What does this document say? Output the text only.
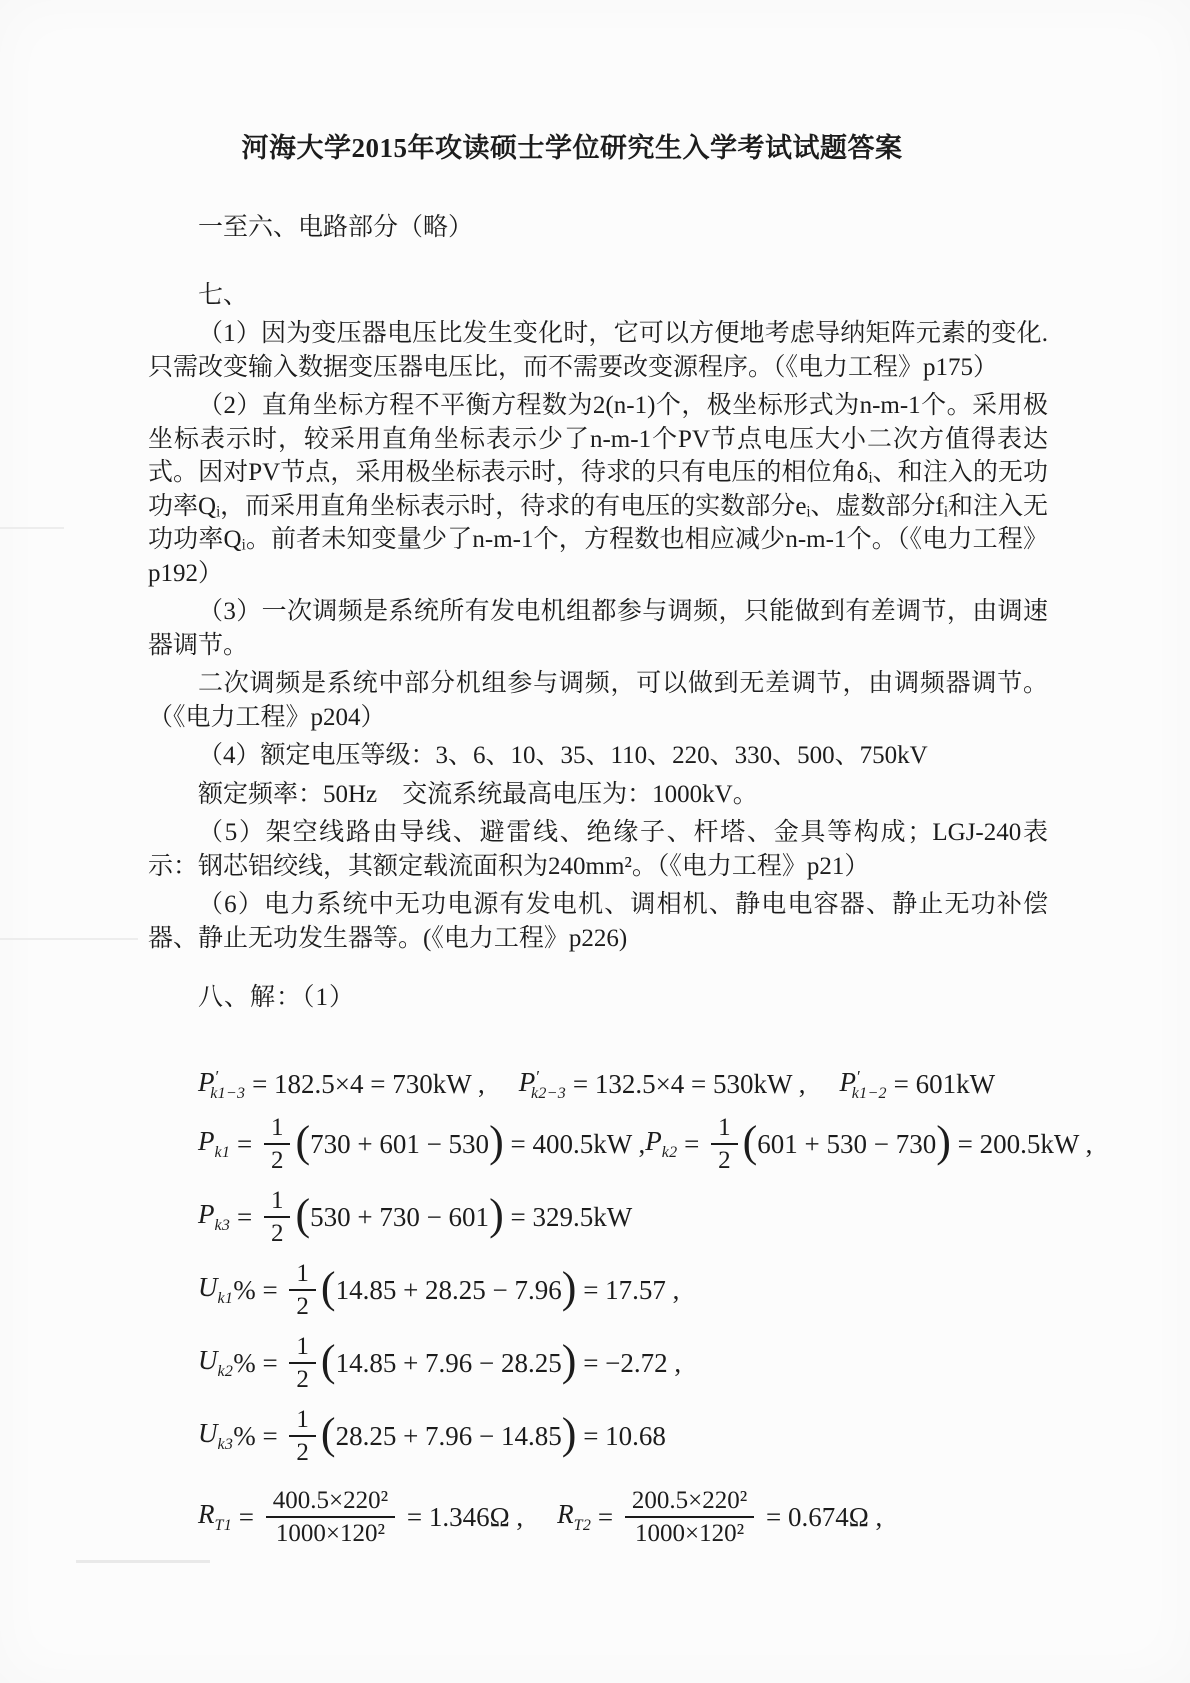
河海大学2015年攻读硕士学位研究生入学考试试题答案

一至六、电路部分（略）

七、

（1）因为变压器电压比发生变化时，它可以方便地考虑导纳矩阵元素的变化.只需改变输入数据变压器电压比，而不需要改变源程序。（《电力工程》p175）

（2）直角坐标方程不平衡方程数为2(n-1)个，极坐标形式为n-m-1个。采用极坐标表示时，较采用直角坐标表示少了n-m-1个PV节点电压大小二次方值得表达式。因对PV节点，采用极坐标表示时，待求的只有电压的相位角δᵢ、和注入的无功功率Qᵢ，而采用直角坐标表示时，待求的有电压的实数部分eᵢ、虚数部分fᵢ和注入无功功率Qᵢ。前者未知变量少了n-m-1个，方程数也相应减少n-m-1个。（《电力工程》p192）

（3）一次调频是系统所有发电机组都参与调频，只能做到有差调节，由调速器调节。

二次调频是系统中部分机组参与调频，可以做到无差调节，由调频器调节。（《电力工程》p204）

（4）额定电压等级：3、6、10、35、110、220、330、500、750kV

额定频率：50Hz　交流系统最高电压为：1000kV。

（5）架空线路由导线、避雷线、绝缘子、杆塔、金具等构成；LGJ-240表示：钢芯铝绞线，其额定载流面积为240mm²。（《电力工程》p21）

（6）电力系统中无功电源有发电机、调相机、静电电容器、静止无功补偿器、静止无功发生器等。(《电力工程》p226)

八、解：（1）

$P'_{k1-3} = 182.5\times 4 = 730kW$ , $P'_{k2-3} = 132.5\times 4 = 530kW$ , $P'_{k1-2} = 601kW$
$P_{k1} = \frac{1}{2}$ ( 730 + 601 − 530 ) = 400.5kW , $P_{k2} = \frac{1}{2}$ ( 601 + 530 − 730 ) = 200.5kW ,
$P_{k3} = \frac{1}{2}$ ( 530 + 730 − 601 ) = 329.5kW
$U_{k1}$ % = $\frac{1}{2}$ ( 14.85 + 28.25 − 7.96 ) = 17.57 ,
$U_{k2}$ % = $\frac{1}{2}$ ( 14.85 + 7.96 − 28.25 ) = −2.72 ,
$U_{k3}$ % = $\frac{1}{2}$ ( 28.25 + 7.96 − 14.85 ) = 10.68
$R_{T1} = \frac{\text{400.5×220²}}{\text{1000×120²}} = 1.346\Omega$ , $R_{T2} = \frac{\text{200.5×220²}}{\text{1000×120²}} = 0.674\Omega$ ,
